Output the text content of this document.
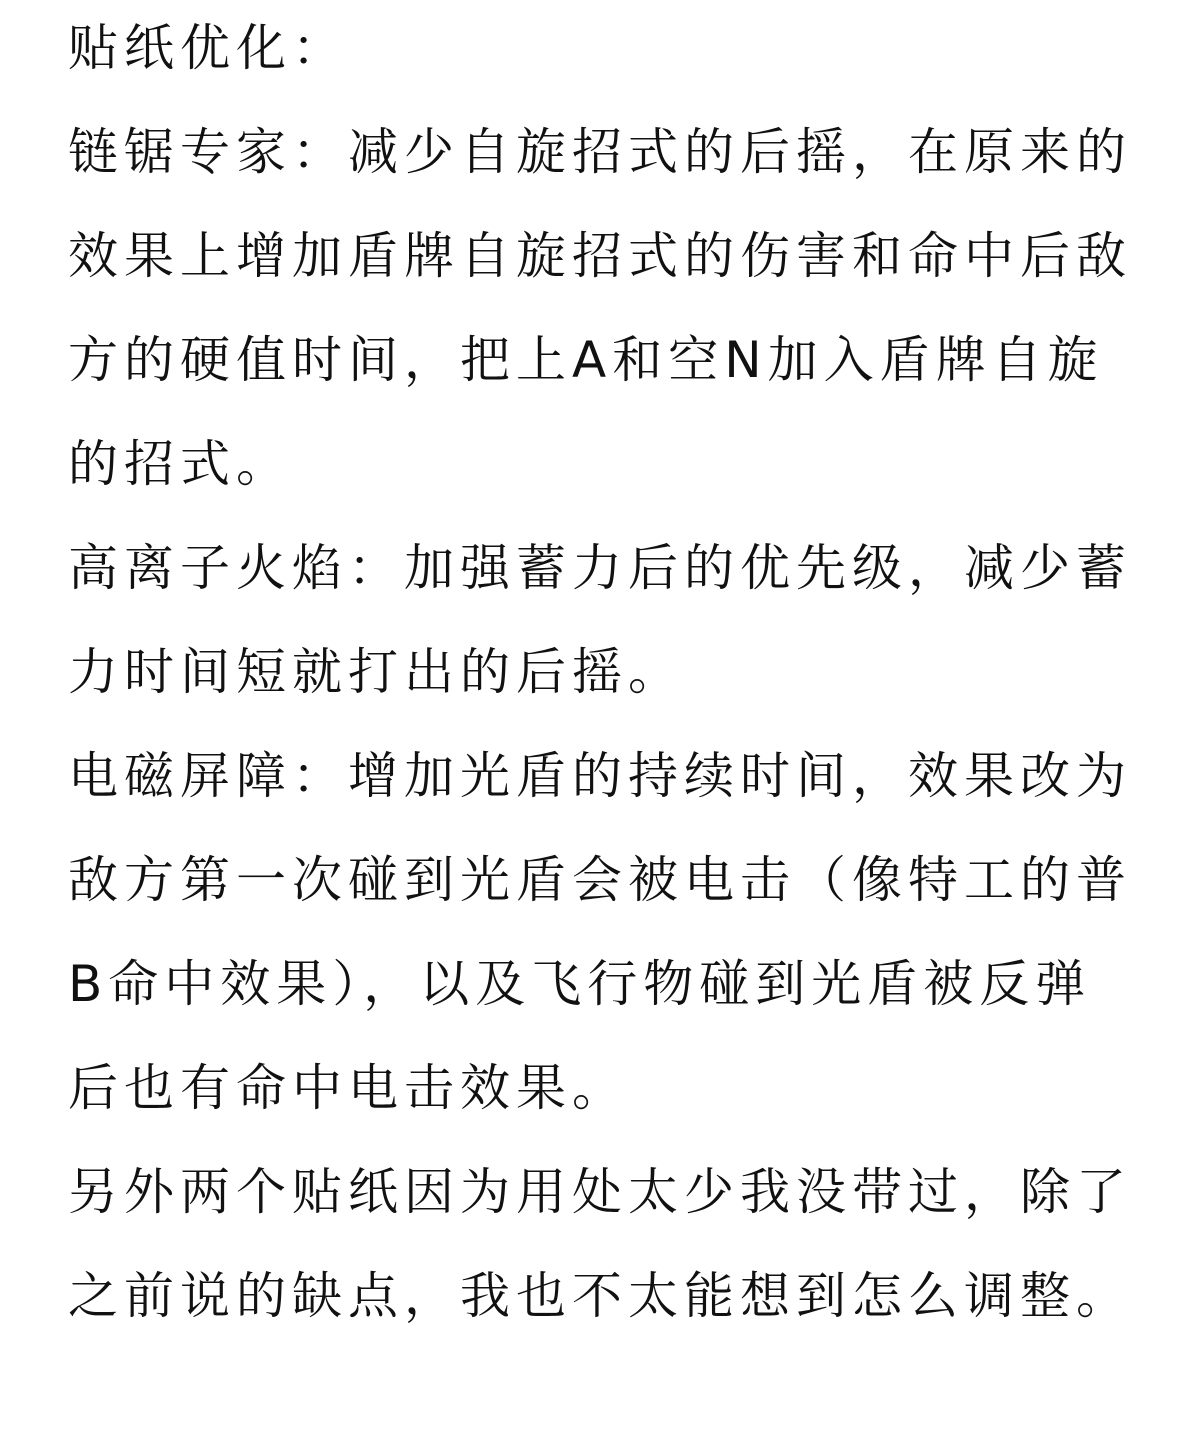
贴纸优化：

链锯专家：减少自旋招式的后摇，在原来的效果上增加盾牌自旋招式的伤害和命中后敌方的硬值时间，把上A和空N加入盾牌自旋的招式。

高离子火焰：加强蓄力后的优先级，减少蓄力时间短就打出的后摇。

电磁屏障：增加光盾的持续时间，效果改为敌方第一次碰到光盾会被电击（像特工的普B命中效果），以及飞行物碰到光盾被反弹后也有命中电击效果。

另外两个贴纸因为用处太少我没带过，除了之前说的缺点，我也不太能想到怎么调整。
